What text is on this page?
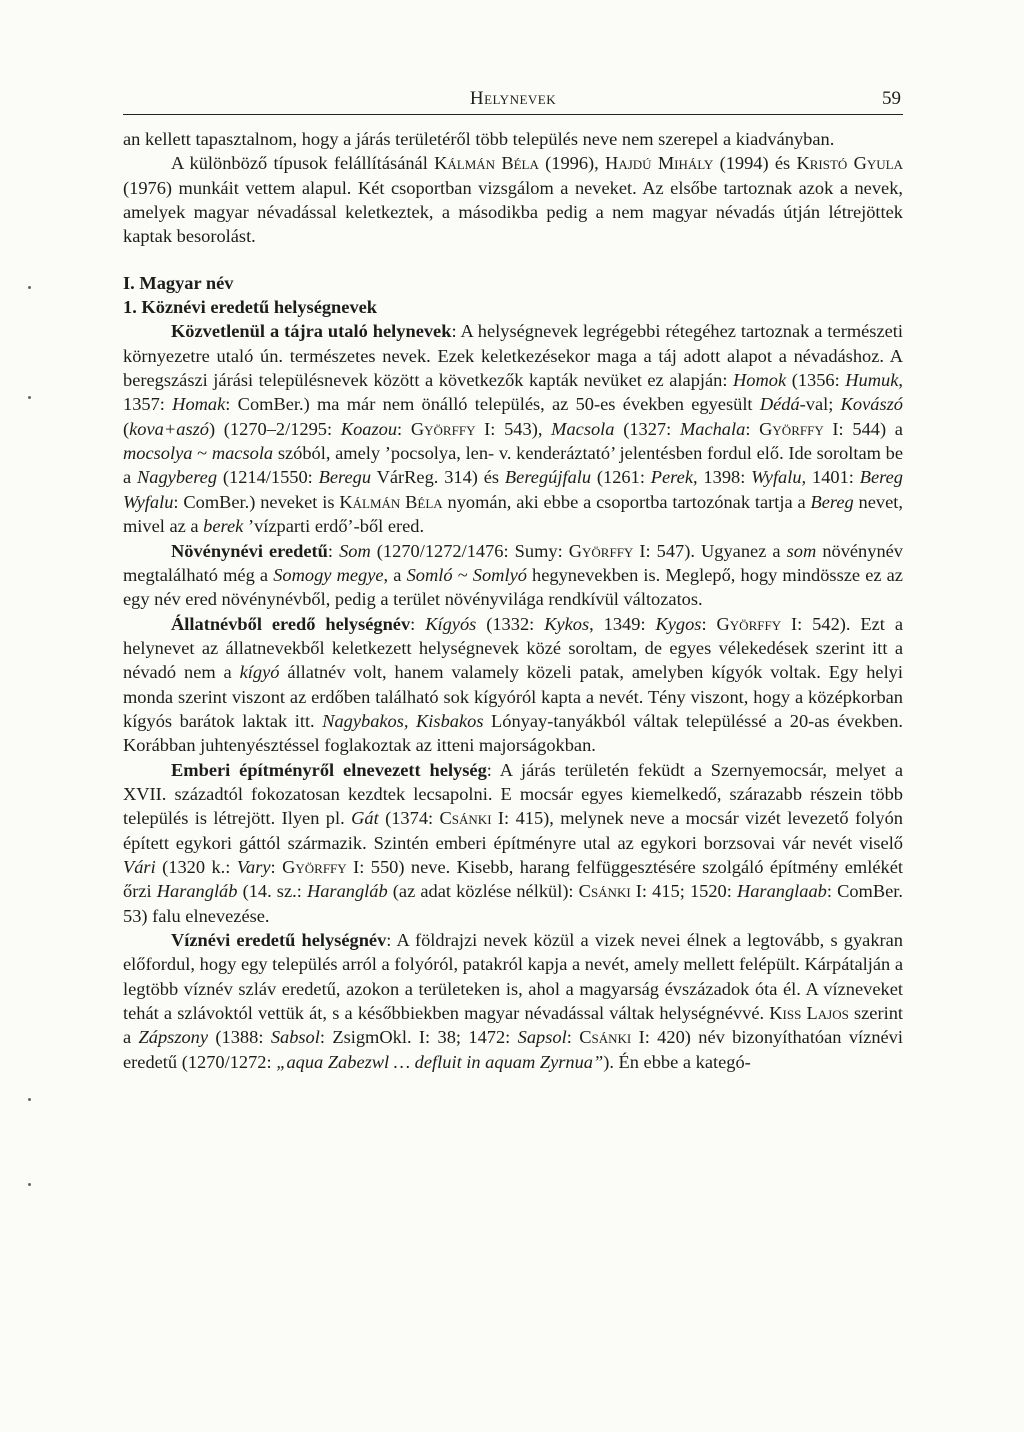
Helynevek	59

an kellett tapasztalnom, hogy a járás területéről több település neve nem szerepel a kiadványban.

A különböző típusok felállításánál Kálmán Béla (1996), Hajdú Mihály (1994) és Kristó Gyula (1976) munkáit vettem alapul. Két csoportban vizsgálom a neveket. Az elsőbe tartoznak azok a nevek, amelyek magyar névadással keletkeztek, a másodikba pedig a nem magyar névadás útján létrejöttek kaptak besorolást.

I. Magyar név

1. Köznévi eredetű helységnevek

Közvetlenül a tájra utaló helynevek: A helységnevek legrégebbi rétegéhez tartoznak a természeti környezetre utaló ún. természetes nevek. Ezek keletkezésekor maga a táj adott alapot a névadáshoz. A beregszászi járási településnevek között a következők kapták nevüket ez alapján: Homok (1356: Humuk, 1357: Homak: ComBer.) ma már nem önálló település, az 50-es években egyesült Dédá-val; Kovászó (kova+aszó) (1270–2/1295: Koazou: Györffy I: 543), Macsola (1327: Machala: Györffy I: 544) a mocsolya ~ macsola szóból, amely ’pocsolya, len- v. kenderáztató’ jelentésben fordul elő. Ide soroltam be a Nagybereg (1214/1550: Beregu VárReg. 314) és Beregújfalu (1261: Perek, 1398: Wyfalu, 1401: Bereg Wyfalu: ComBer.) neveket is Kálmán Béla nyomán, aki ebbe a csoportba tartozónak tartja a Bereg nevet, mivel az a berek ’vízparti erdő’-ből ered.

Növénynévi eredetű: Som (1270/1272/1476: Sumy: Györffy I: 547). Ugyanez a som növénynév megtalálható még a Somogy megye, a Somló ~ Somlyó hegynevekben is. Meglepő, hogy mindössze ez az egy név ered növénynévből, pedig a terület növényvilága rendkívül változatos.

Állatnévből eredő helységnév: Kígyós (1332: Kykos, 1349: Kygos: Györffy I: 542). Ezt a helynevet az állatnevekből keletkezett helységnevek közé soroltam, de egyes vélekedések szerint itt a névadó nem a kígyó állatnév volt, hanem valamely közeli patak, amelyben kígyók voltak. Egy helyi monda szerint viszont az erdőben található sok kígyóról kapta a nevét. Tény viszont, hogy a középkorban kígyós barátok laktak itt. Nagybakos, Kisbakos Lónyay-tanyákból váltak településsé a 20-as években. Korábban juhtenyésztéssel foglakoztak az itteni majorságokban.

Emberi építményről elnevezett helység: A járás területén feküdt a Szernyemocsár, melyet a XVII. századtól fokozatosan kezdtek lecsapolni. E mocsár egyes kiemelkedő, szárazabb részein több település is létrejött. Ilyen pl. Gát (1374: Csánki I: 415), melynek neve a mocsár vizét levezető folyón épített egykori gáttól származik. Szintén emberi építményre utal az egykori borzsovai vár nevét viselő Vári (1320 k.: Vary: Györffy I: 550) neve. Kisebb, harang felfüggesztésére szolgáló építmény emlékét őrzi Harangláb (14. sz.: Harangláb (az adat közlése nélkül): Csánki I: 415; 1520: Haranglaab: ComBer. 53) falu elnevezése.

Víznévi eredetű helységnév: A földrajzi nevek közül a vizek nevei élnek a legtovább, s gyakran előfordul, hogy egy település arról a folyóról, patakról kapja a nevét, amely mellett felépült. Kárpátalján a legtöbb víznév szláv eredetű, azokon a területeken is, ahol a magyarság évszázadok óta él. A vízneveket tehát a szlávoktól vettük át, s a későbbiekben magyar névadással váltak helységnévvé. Kiss Lajos szerint a Zápszony (1388: Sabsol: ZsigmOkl. I: 38; 1472: Sapsol: Csánki I: 420) név bizonyíthatóan víznévi eredetű (1270/1272: „aqua Zabezwl … defluit in aquam Zyrnua”). Én ebbe a kategó-
